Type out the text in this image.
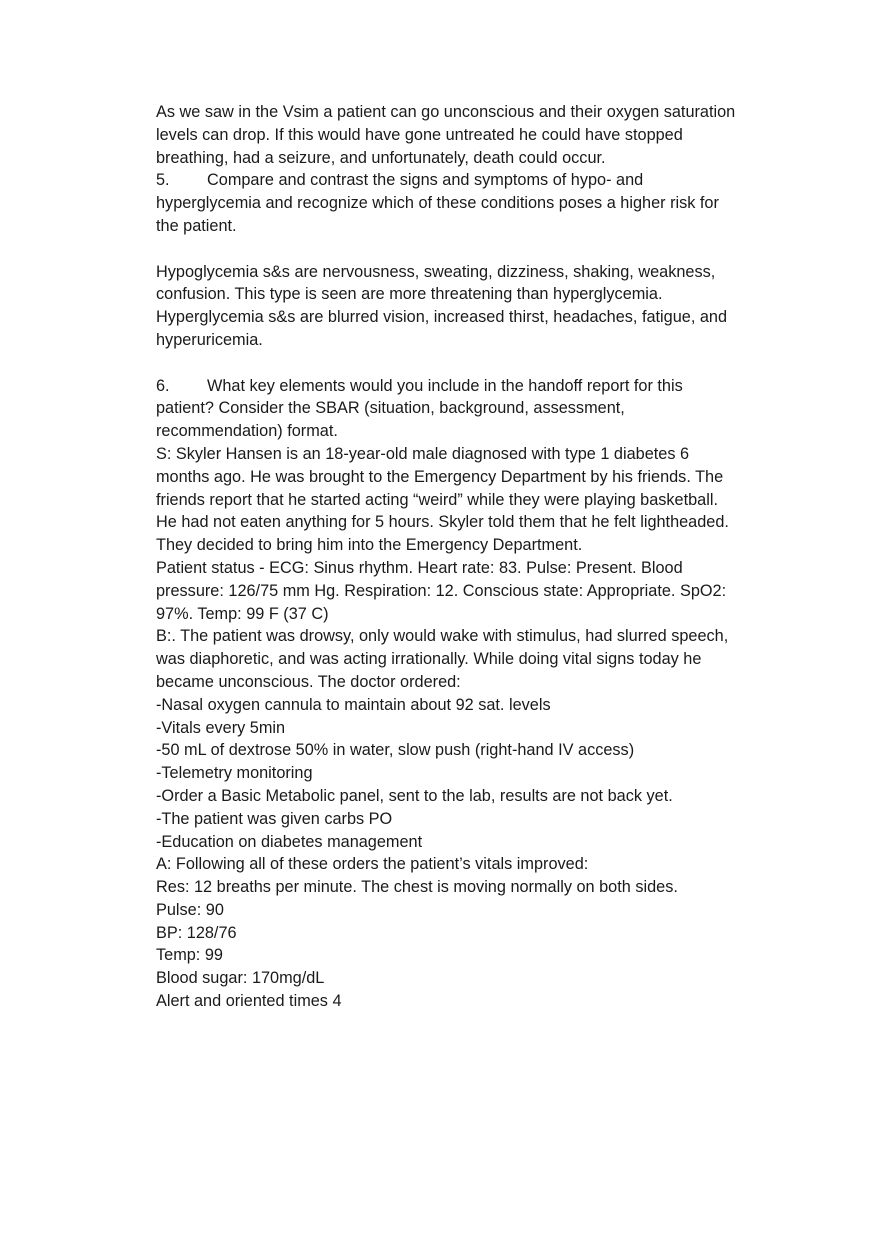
As we saw in the Vsim a patient can go unconscious and their oxygen saturation
levels can drop. If this would have gone untreated he could have stopped
breathing, had a seizure, and unfortunately, death could occur.
5. Compare and contrast the signs and symptoms of hypo- and
hyperglycemia and recognize which of these conditions poses a higher risk for
the patient.
Hypoglycemia s&s are nervousness, sweating, dizziness, shaking, weakness,
confusion. This type is seen are more threatening than hyperglycemia.
Hyperglycemia s&s are blurred vision, increased thirst, headaches, fatigue, and
hyperuricemia.
6. What key elements would you include in the handoff report for this
patient? Consider the SBAR (situation, background, assessment,
recommendation) format.
S: Skyler Hansen is an 18-year-old male diagnosed with type 1 diabetes 6
months ago. He was brought to the Emergency Department by his friends. The
friends report that he started acting “weird” while they were playing basketball.
He had not eaten anything for 5 hours. Skyler told them that he felt lightheaded.
They decided to bring him into the Emergency Department.
Patient status - ECG: Sinus rhythm. Heart rate: 83. Pulse: Present. Blood
pressure: 126/75 mm Hg. Respiration: 12. Conscious state: Appropriate. SpO2:
97%. Temp: 99 F (37 C)
B:. The patient was drowsy, only would wake with stimulus, had slurred speech,
was diaphoretic, and was acting irrationally. While doing vital signs today he
became unconscious. The doctor ordered:
-Nasal oxygen cannula to maintain about 92 sat. levels
-Vitals every 5min
-50 mL of dextrose 50% in water, slow push (right-hand IV access)
-Telemetry monitoring
-Order a Basic Metabolic panel, sent to the lab, results are not back yet.
-The patient was given carbs PO
-Education on diabetes management
A: Following all of these orders the patient’s vitals improved:
Res: 12 breaths per minute. The chest is moving normally on both sides.
Pulse: 90
BP: 128/76
Temp: 99
Blood sugar: 170mg/dL
Alert and oriented times 4
